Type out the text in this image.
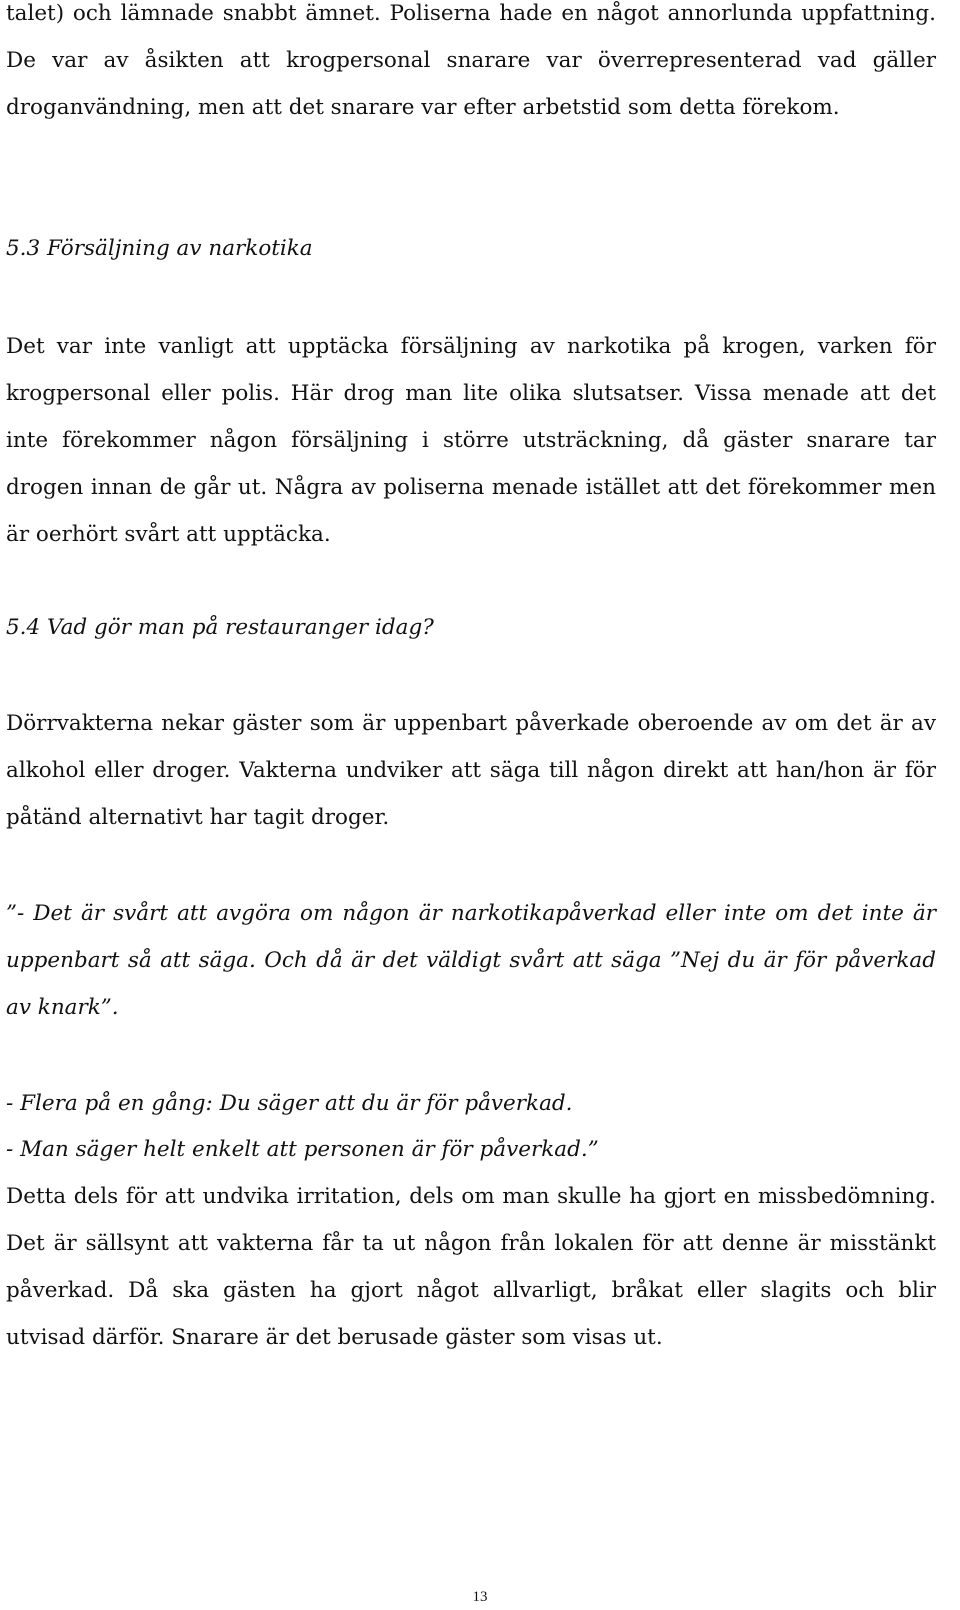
talet) och lämnade snabbt ämnet. Poliserna hade en något annorlunda uppfattning. De var av åsikten att krogpersonal snarare var överrepresenterad vad gäller droganvändning, men att det snarare var efter arbetstid som detta förekom.

5.3 Försäljning av narkotika

Det var inte vanligt att upptäcka försäljning av narkotika på krogen, varken för krogpersonal eller polis. Här drog man lite olika slutsatser. Vissa menade att det inte förekommer någon försäljning i större utsträckning, då gäster snarare tar drogen innan de går ut. Några av poliserna menade istället att det förekommer men är oerhört svårt att upptäcka.

5.4 Vad gör man på restauranger idag?

Dörrvakterna nekar gäster som är uppenbart påverkade oberoende av om det är av alkohol eller droger. Vakterna undviker att säga till någon direkt att han/hon är för påtänd alternativt har tagit droger.

”- Det är svårt att avgöra om någon är narkotikapåverkad eller inte om det inte är uppenbart så att säga. Och då är det väldigt svårt att säga ”Nej du är för påverkad av knark”.

- Flera på en gång: Du säger att du är för påverkad.

- Man säger helt enkelt att personen är för påverkad.”

Detta dels för att undvika irritation, dels om man skulle ha gjort en missbedömning. Det är sällsynt att vakterna får ta ut någon från lokalen för att denne är misstänkt påverkad. Då ska gästen ha gjort något allvarligt, bråkat eller slagits och blir utvisad därför. Snarare är det berusade gäster som visas ut.

13
